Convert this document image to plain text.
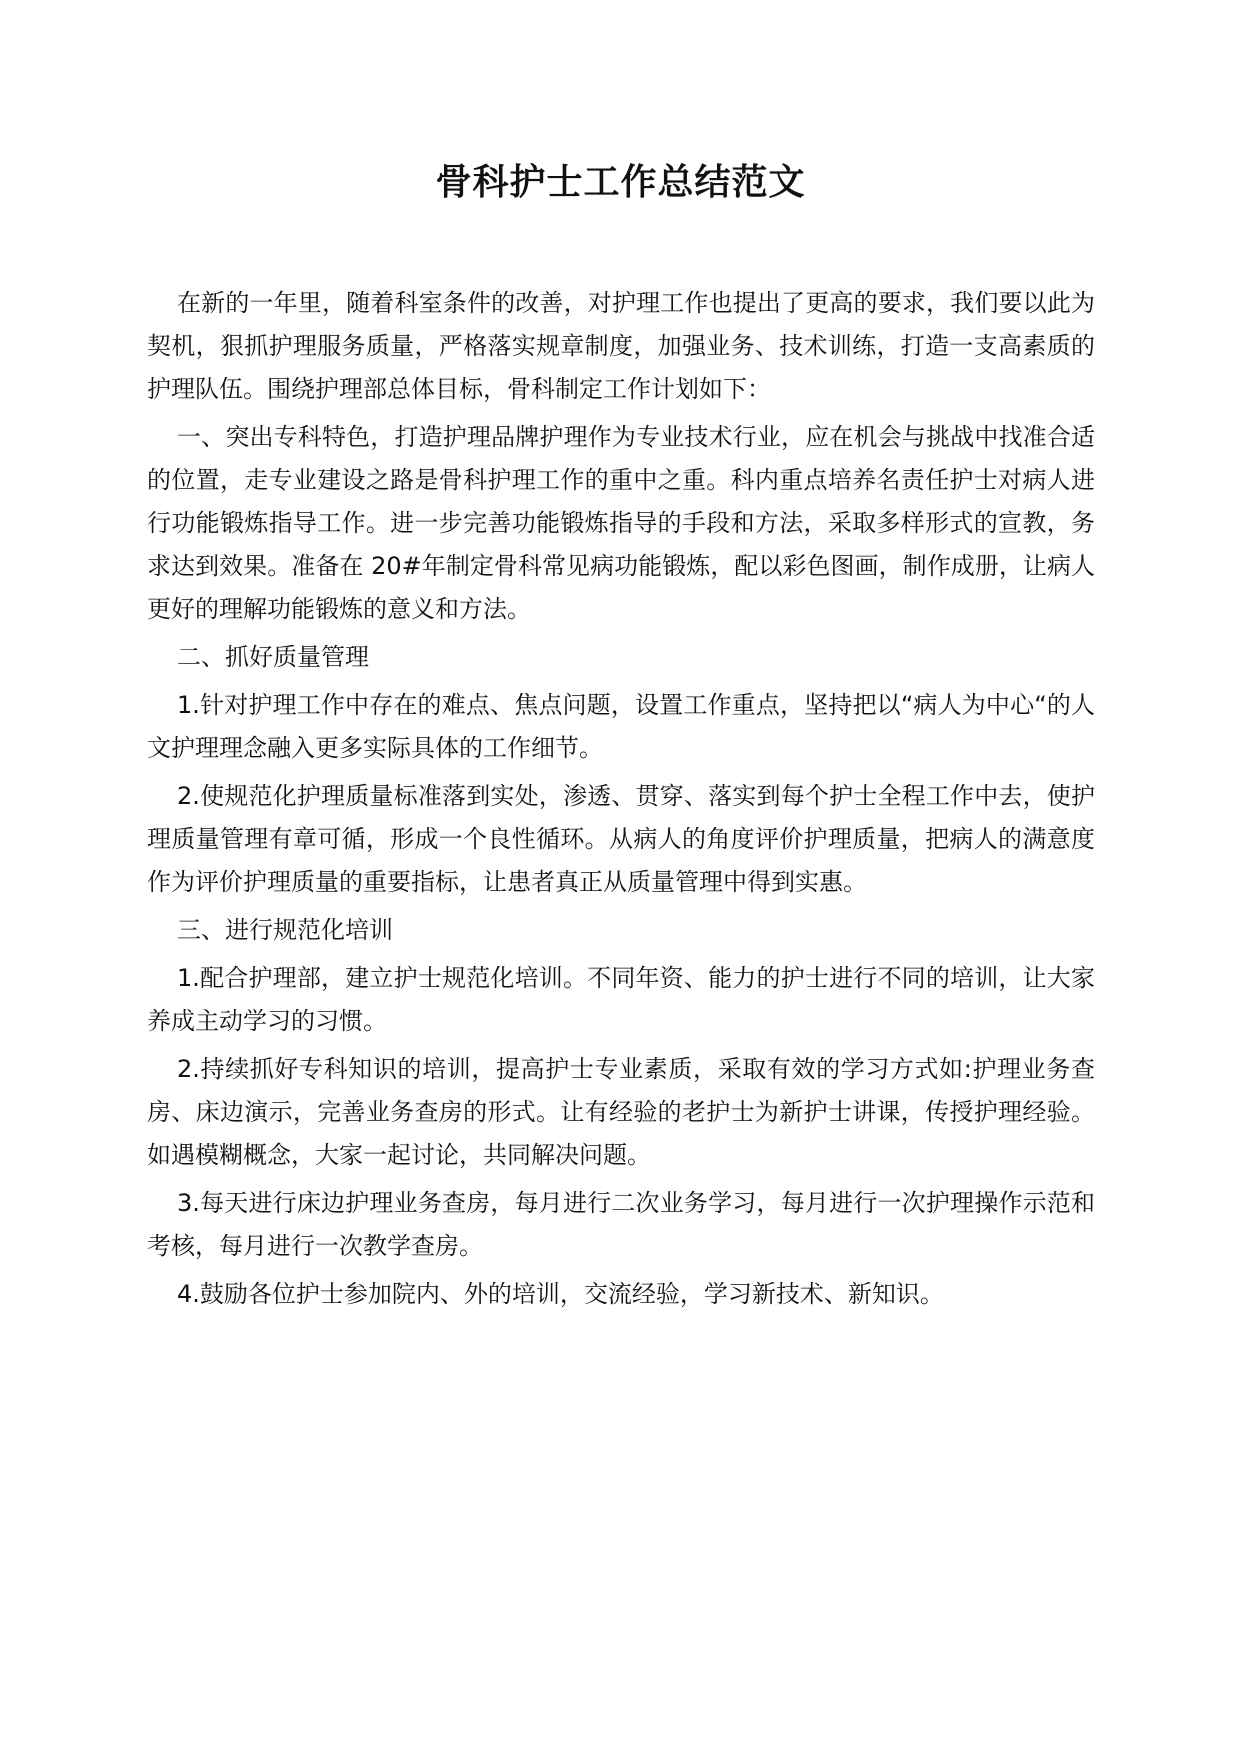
骨科护士工作总结范文

在新的一年里，随着科室条件的改善，对护理工作也提出了更高的要求，我们要以此为契机，狠抓护理服务质量，严格落实规章制度，加强业务、技术训练，打造一支高素质的护理队伍。围绕护理部总体目标，骨科制定工作计划如下：

一、突出专科特色，打造护理品牌护理作为专业技术行业，应在机会与挑战中找准合适的位置，走专业建设之路是骨科护理工作的重中之重。科内重点培养名责任护士对病人进行功能锻炼指导工作。进一步完善功能锻炼指导的手段和方法，采取多样形式的宣教，务求达到效果。准备在 20#年制定骨科常见病功能锻炼，配以彩色图画，制作成册，让病人更好的理解功能锻炼的意义和方法。

二、抓好质量管理

1.针对护理工作中存在的难点、焦点问题，设置工作重点，坚持把以“病人为中心“的人文护理理念融入更多实际具体的工作细节。

2.使规范化护理质量标准落到实处，渗透、贯穿、落实到每个护士全程工作中去，使护理质量管理有章可循，形成一个良性循环。从病人的角度评价护理质量，把病人的满意度作为评价护理质量的重要指标，让患者真正从质量管理中得到实惠。

三、进行规范化培训

1.配合护理部，建立护士规范化培训。不同年资、能力的护士进行不同的培训，让大家养成主动学习的习惯。

2.持续抓好专科知识的培训，提高护士专业素质，采取有效的学习方式如:护理业务查房、床边演示，完善业务查房的形式。让有经验的老护士为新护士讲课，传授护理经验。如遇模糊概念，大家一起讨论，共同解决问题。

3.每天进行床边护理业务查房，每月进行二次业务学习，每月进行一次护理操作示范和考核，每月进行一次教学查房。

4.鼓励各位护士参加院内、外的培训，交流经验，学习新技术、新知识。
